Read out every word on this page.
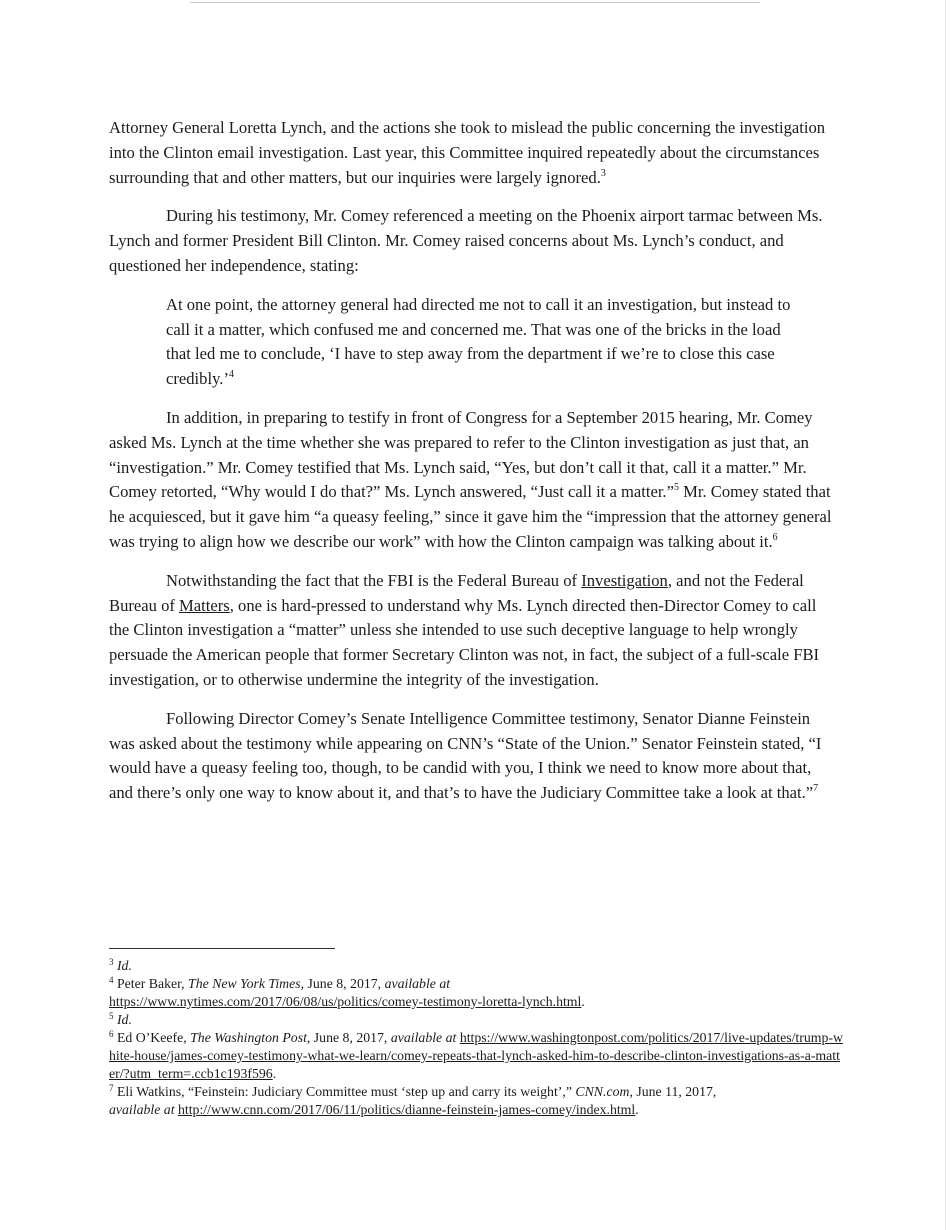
Attorney General Loretta Lynch, and the actions she took to mislead the public concerning the investigation into the Clinton email investigation. Last year, this Committee inquired repeatedly about the circumstances surrounding that and other matters, but our inquiries were largely ignored.$^3$

During his testimony, Mr. Comey referenced a meeting on the Phoenix airport tarmac between Ms. Lynch and former President Bill Clinton. Mr. Comey raised concerns about Ms. Lynch’s conduct, and questioned her independence, stating:

At one point, the attorney general had directed me not to call it an investigation, but instead to call it a matter, which confused me and concerned me. That was one of the bricks in the load that led me to conclude, ‘I have to step away from the department if we’re to close this case credibly.’$^4$

In addition, in preparing to testify in front of Congress for a September 2015 hearing, Mr. Comey asked Ms. Lynch at the time whether she was prepared to refer to the Clinton investigation as just that, an “investigation.” Mr. Comey testified that Ms. Lynch said, “Yes, but don’t call it that, call it a matter.” Mr. Comey retorted, “Why would I do that?” Ms. Lynch answered, “Just call it a matter.”$^5$ Mr. Comey stated that he acquiesced, but it gave him “a queasy feeling,” since it gave him the “impression that the attorney general was trying to align how we describe our work” with how the Clinton campaign was talking about it.$^6$

Notwithstanding the fact that the FBI is the Federal Bureau of Investigation, and not the Federal Bureau of Matters, one is hard-pressed to understand why Ms. Lynch directed then-Director Comey to call the Clinton investigation a “matter” unless she intended to use such deceptive language to help wrongly persuade the American people that former Secretary Clinton was not, in fact, the subject of a full-scale FBI investigation, or to otherwise undermine the integrity of the investigation.

Following Director Comey’s Senate Intelligence Committee testimony, Senator Dianne Feinstein was asked about the testimony while appearing on CNN’s “State of the Union.” Senator Feinstein stated, “I would have a queasy feeling too, though, to be candid with you, I think we need to know more about that, and there’s only one way to know about it, and that’s to have the Judiciary Committee take a look at that.”$^7$

$^3$ Id.

$^4$ Peter Baker, The New York Times, June 8, 2017, available at
https://www.nytimes.com/2017/06/08/us/politics/comey-testimony-loretta-lynch.html.

$^5$ Id.

$^6$ Ed O’Keefe, The Washington Post, June 8, 2017, available at https://www.washingtonpost.com/politics/2017/live-updates/trump-white-house/james-comey-testimony-what-we-learn/comey-repeats-that-lynch-asked-him-to-describe-clinton-investigations-as-a-matter/?utm_term=.ccb1c193f596.

$^7$ Eli Watkins, “Feinstein: Judiciary Committee must ‘step up and carry its weight’,” CNN.com, June 11, 2017,
available at http://www.cnn.com/2017/06/11/politics/dianne-feinstein-james-comey/index.html.
